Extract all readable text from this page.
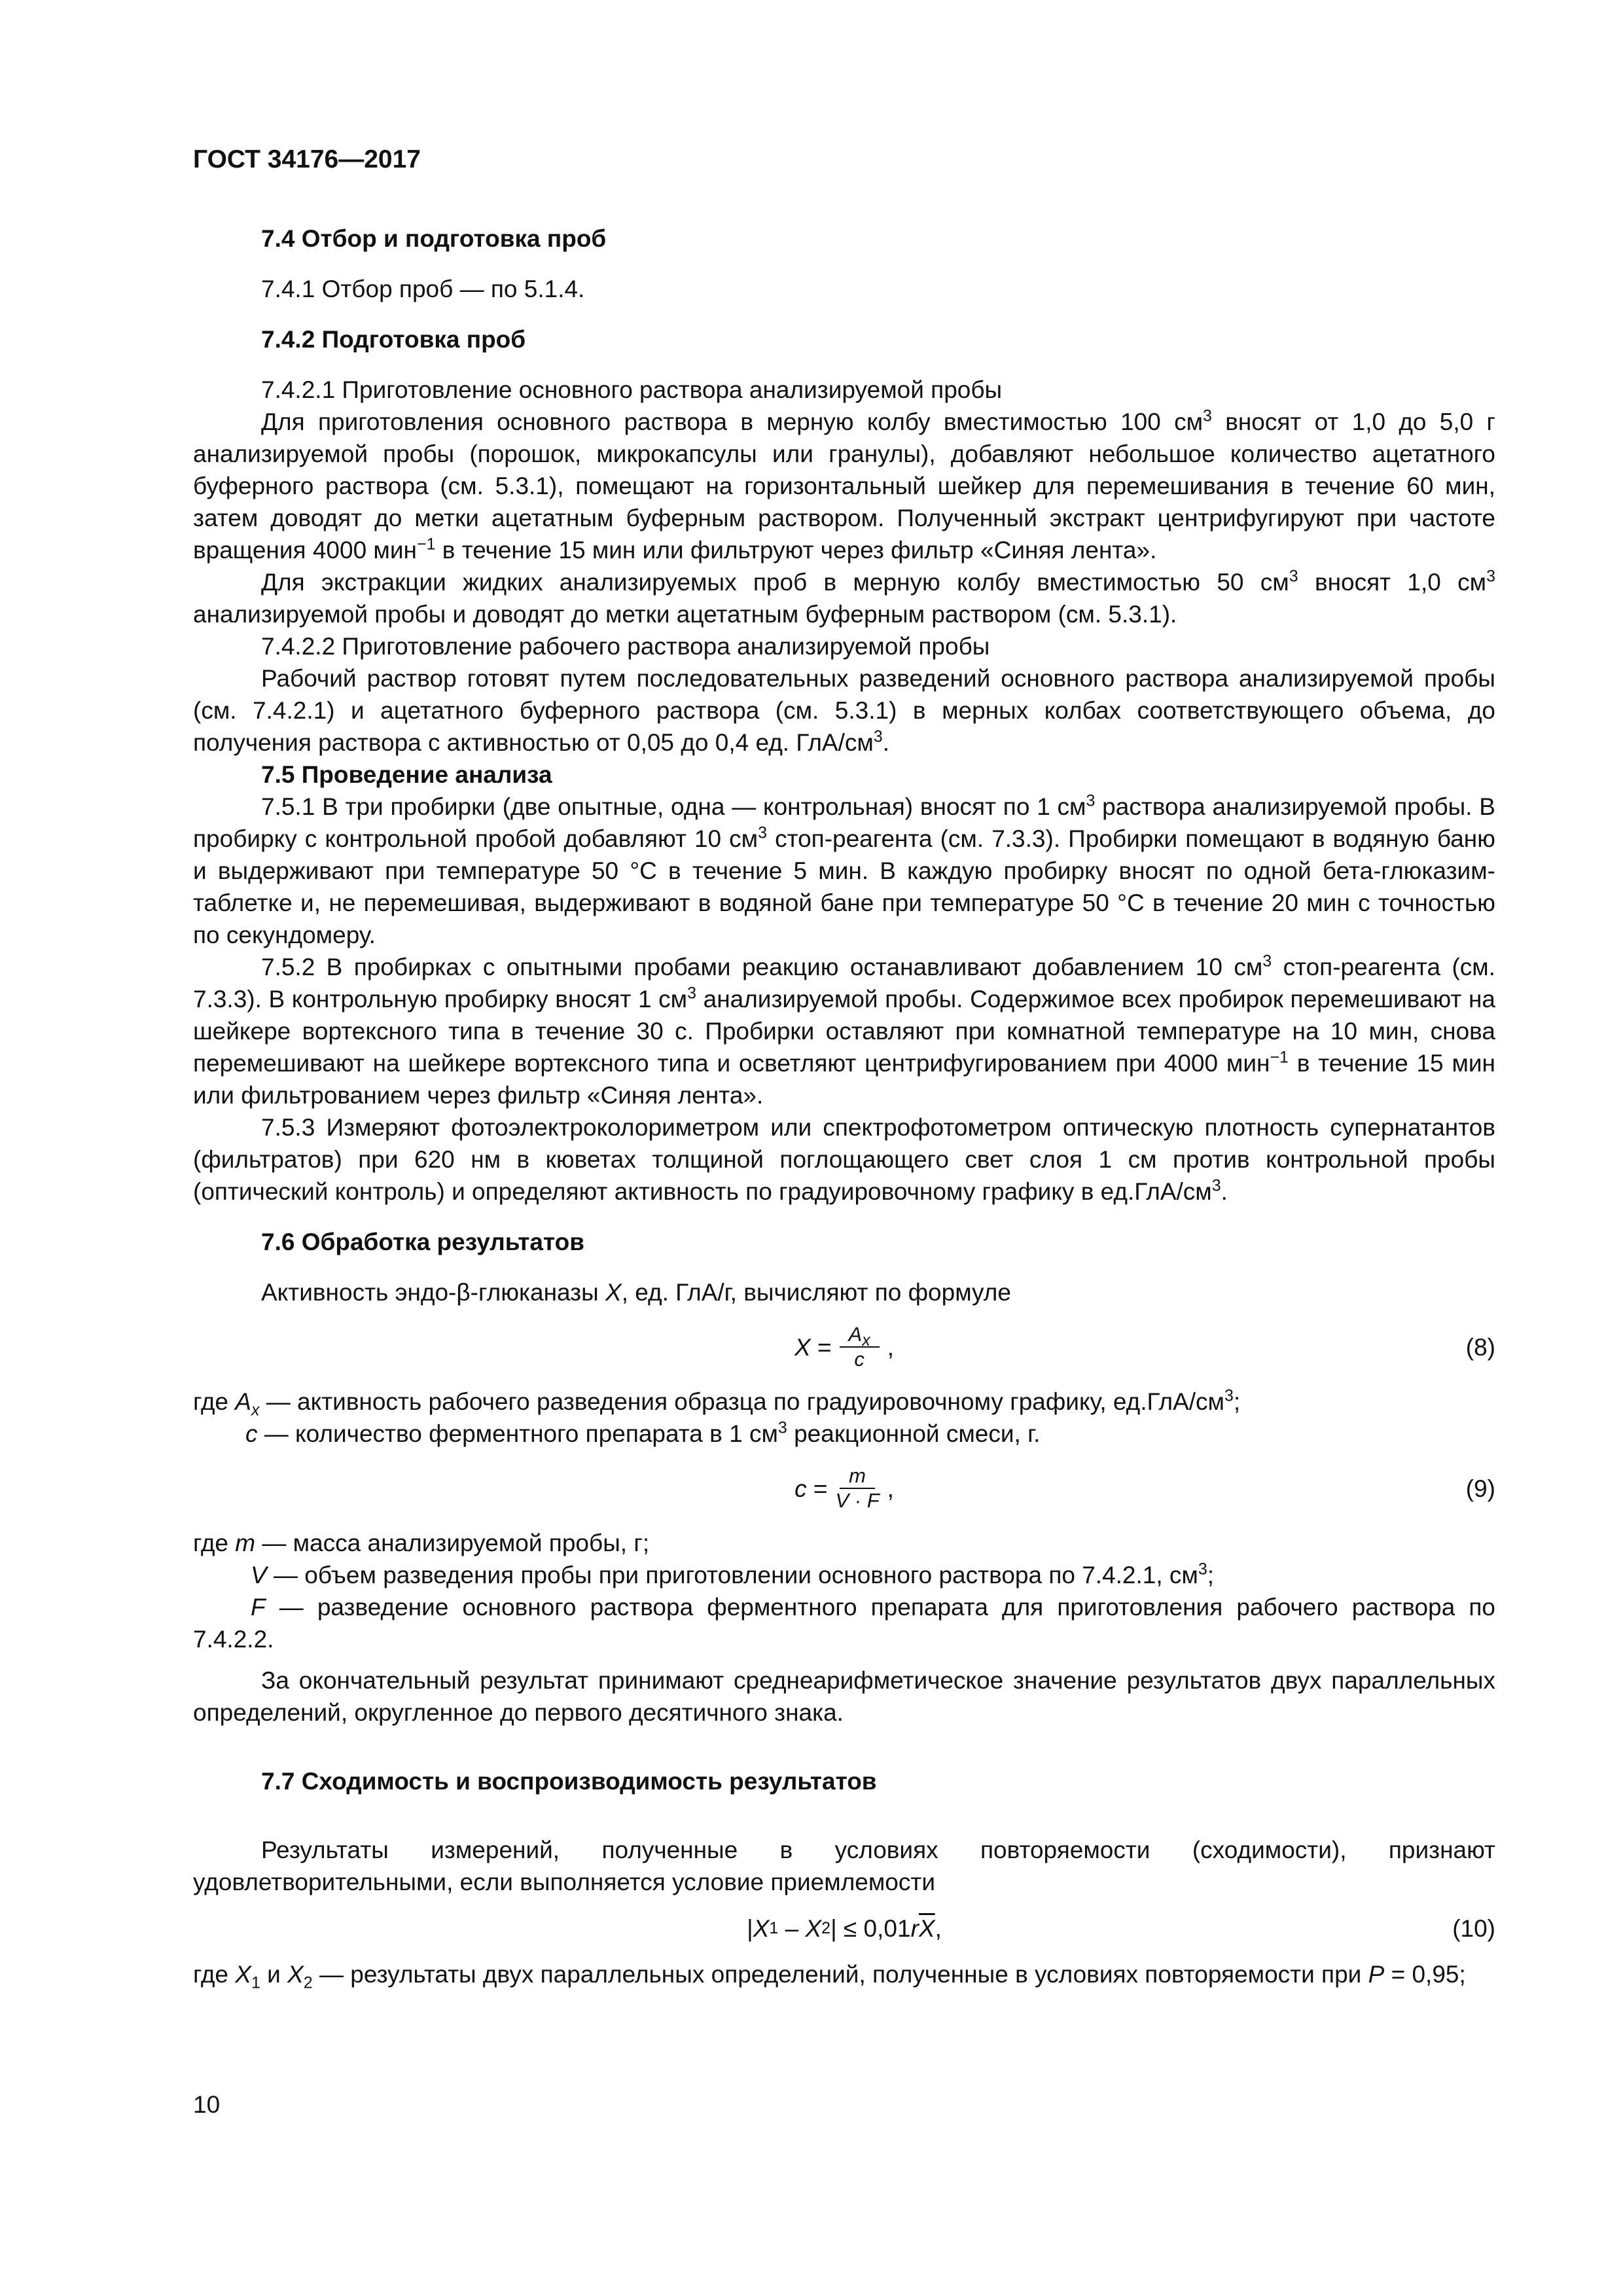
ГОСТ 34176—2017

7.4 Отбор и подготовка проб

7.4.1 Отбор проб — по 5.1.4.

7.4.2 Подготовка проб

7.4.2.1 Приготовление основного раствора анализируемой пробы

Для приготовления основного раствора в мерную колбу вместимостью 100 $см^3$ вносят от 1,0 до 5,0 г анализируемой пробы (порошок, микрокапсулы или гранулы), добавляют небольшое количество ацетатного буферного раствора (см. 5.3.1), помещают на горизонтальный шейкер для перемешивания в течение 60 мин, затем доводят до метки ацетатным буферным раствором. Полученный экстракт центрифугируют при частоте вращения 4000 мин$^{-1}$ в течение 15 мин или фильтруют через фильтр «Синяя лента».

Для экстракции жидких анализируемых проб в мерную колбу вместимостью 50 $см^3$ вносят 1,0 $см^3$ анализируемой пробы и доводят до метки ацетатным буферным раствором (см. 5.3.1).

7.4.2.2 Приготовление рабочего раствора анализируемой пробы

Рабочий раствор готовят путем последовательных разведений основного раствора анализируемой пробы (см. 7.4.2.1) и ацетатного буферного раствора (см. 5.3.1) в мерных колбах соответствующего объема, до получения раствора с активностью от 0,05 до 0,4 ед. ГлА/$см^3$.

7.5 Проведение анализа

7.5.1 В три пробирки (две опытные, одна — контрольная) вносят по 1 $см^3$ раствора анализируемой пробы. В пробирку с контрольной пробой добавляют 10 $см^3$ стоп-реагента (см. 7.3.3). Пробирки помещают в водяную баню и выдерживают при температуре 50 °С в течение 5 мин. В каждую пробирку вносят по одной бета-глюказим-таблетке и, не перемешивая, выдерживают в водяной бане при температуре 50 °С в течение 20 мин с точностью по секундомеру.

7.5.2 В пробирках с опытными пробами реакцию останавливают добавлением 10 $см^3$ стоп-реагента (см. 7.3.3). В контрольную пробирку вносят 1 $см^3$ анализируемой пробы. Содержимое всех пробирок перемешивают на шейкере вортексного типа в течение 30 с. Пробирки оставляют при комнатной температуре на 10 мин, снова перемешивают на шейкере вортексного типа и осветляют центрифугированием при 4000 мин$^{-1}$ в течение 15 мин или фильтрованием через фильтр «Синяя лента».

7.5.3 Измеряют фотоэлектроколориметром или спектрофотометром оптическую плотность супернатантов (фильтратов) при 620 нм в кюветах толщиной поглощающего свет слоя 1 см против контрольной пробы (оптический контроль) и определяют активность по градуировочному графику в $ед.ГлА/см^3$.

7.6 Обработка результатов

Активность эндо-β-глюканазы X, ед. ГлА/г, вычисляют по формуле

X
= $\frac{A_x}{c}$ ,	(8)

где $A_x$ — активность рабочего разведения образца по градуировочному графику, $ед.ГлА/см^3$;

c — количество ферментного препарата в 1 $см^3$ реакционной смеси, г.

c
= $\frac{m}{V \cdot F}$ ,	(9)

где m — масса анализируемой пробы, г;

V — объем разведения пробы при приготовлении основного раствора по 7.4.2.1, $см^3$;

F — разведение основного раствора ферментного препарата для приготовления рабочего раствора по 7.4.2.2.

За окончательный результат принимают среднеарифметическое значение результатов двух параллельных определений, округленное до первого десятичного знака.

7.7 Сходимость и воспроизводимость результатов

Результаты измерений, полученные в условиях повторяемости (сходимости), признают удовлетворительными, если выполняется условие приемлемости

| X 1 – X 2 | ≤ 0,01 r $\overline{X}$ ,	(10)

где $X_1$ и $X_2$ — результаты двух параллельных определений, полученные в условиях повторяемости при P = 0,95;

10
